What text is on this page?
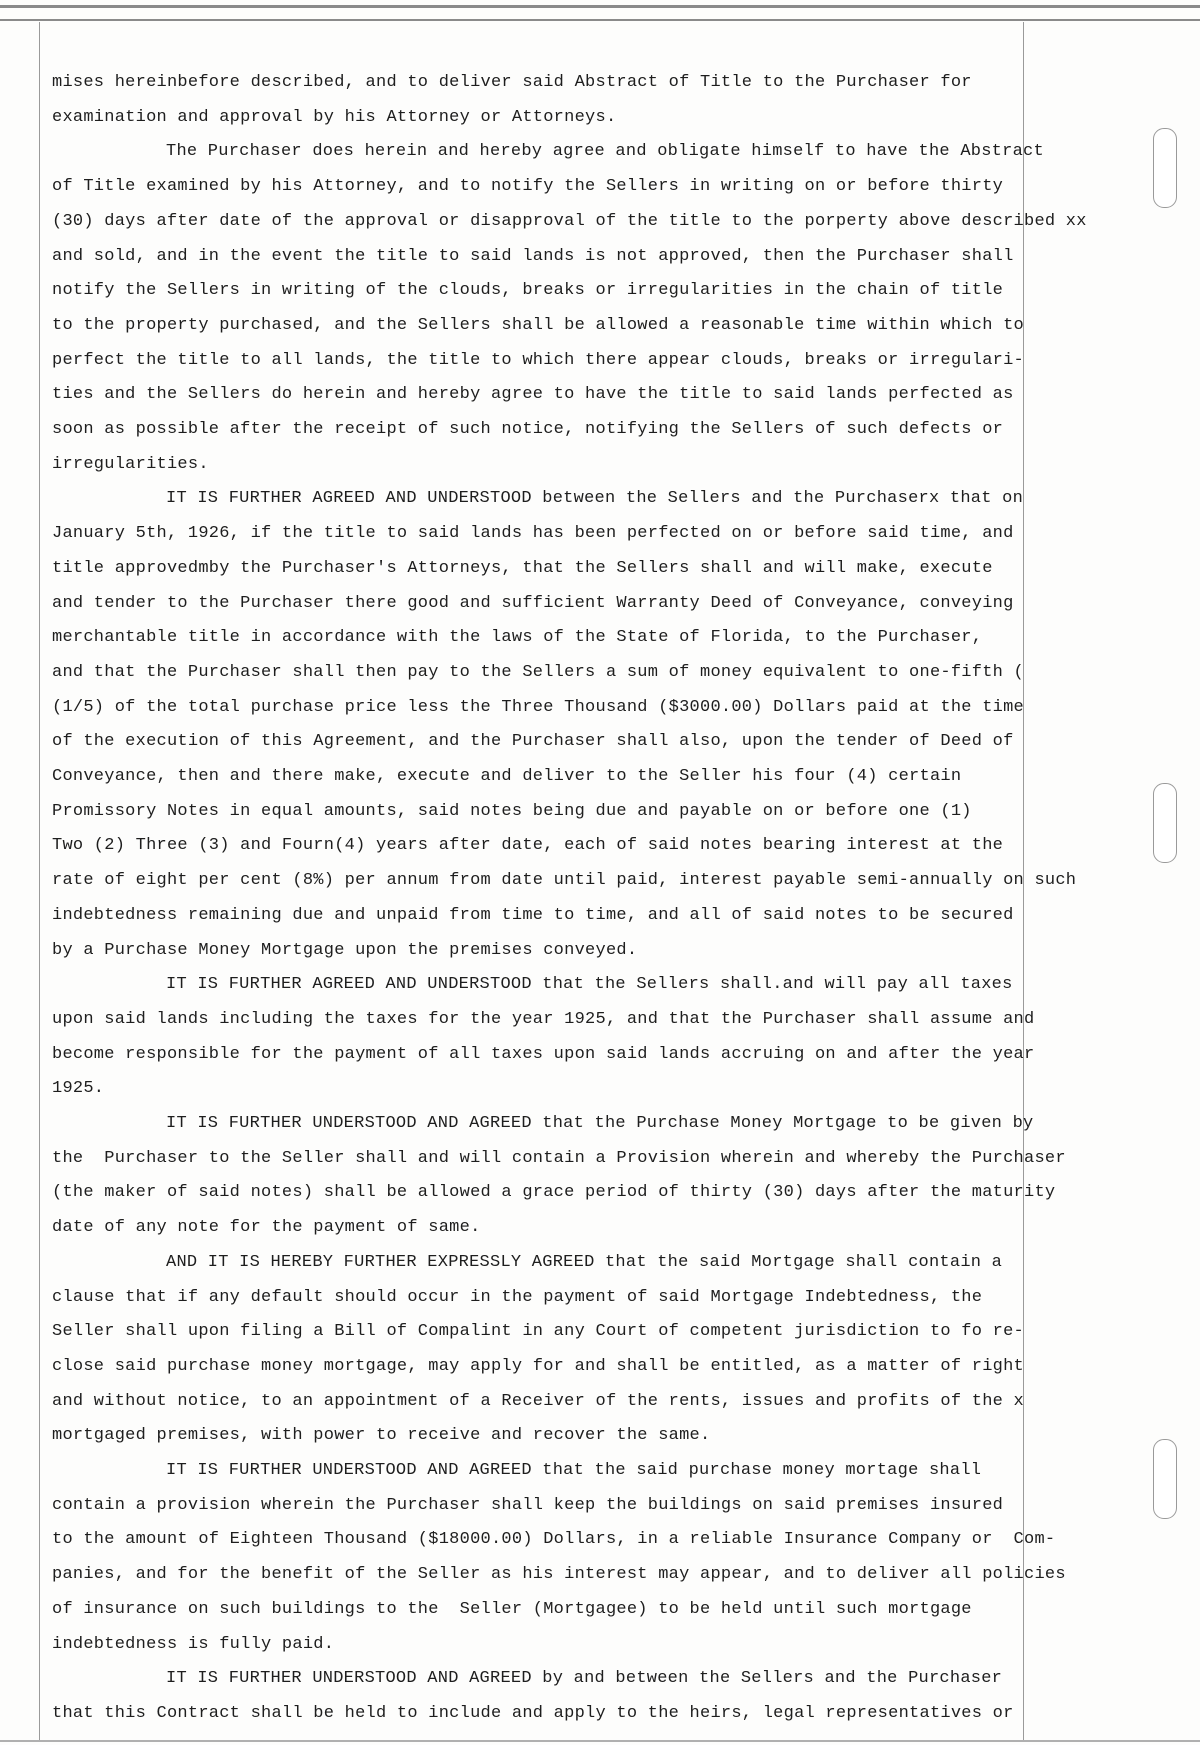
mises hereinbefore described, and to deliver said Abstract of Title to the Purchaser for
examination and approval by his Attorney or Attorneys.
The Purchaser does herein and hereby agree and obligate himself to have the Abstract
of Title examined by his Attorney, and to notify the Sellers in writing on or before thirty
(30) days after date of the approval or disapproval of the title to the porperty above described xx
and sold, and in the event the title to said lands is not approved, then the Purchaser shall
notify the Sellers in writing of the clouds, breaks or irregularities in the chain of title
to the property purchased, and the Sellers shall be allowed a reasonable time within which to
perfect the title to all lands, the title to which there appear clouds, breaks or irregulari-
ties and the Sellers do herein and hereby agree to have the title to said lands perfected as
soon as possible after the receipt of such notice, notifying the Sellers of such defects or
irregularities.
IT IS FURTHER AGREED AND UNDERSTOOD between the Sellers and the Purchaserx that on
January 5th, 1926, if the title to said lands has been perfected on or before said time, and
title approvedmby the Purchaser's Attorneys, that the Sellers shall and will make, execute
and tender to the Purchaser there good and sufficient Warranty Deed of Conveyance, conveying
merchantable title in accordance with the laws of the State of Florida, to the Purchaser,
and that the Purchaser shall then pay to the Sellers a sum of money equivalent to one-fifth (
(1/5) of the total purchase price less the Three Thousand ($3000.00) Dollars paid at the time
of the execution of this Agreement, and the Purchaser shall also, upon the tender of Deed of
Conveyance, then and there make, execute and deliver to the Seller his four (4) certain
Promissory Notes in equal amounts, said notes being due and payable on or before one (1)
Two (2) Three (3) and Fourn(4) years after date, each of said notes bearing interest at the
rate of eight per cent (8%) per annum from date until paid, interest payable semi-annually on such
indebtedness remaining due and unpaid from time to time, and all of said notes to be secured
by a Purchase Money Mortgage upon the premises conveyed.
IT IS FURTHER AGREED AND UNDERSTOOD that the Sellers shall.and will pay all taxes
upon said lands including the taxes for the year 1925, and that the Purchaser shall assume and
become responsible for the payment of all taxes upon said lands accruing on and after the year
1925.
IT IS FURTHER UNDERSTOOD AND AGREED that the Purchase Money Mortgage to be given by
the  Purchaser to the Seller shall and will contain a Provision wherein and whereby the Purchaser
(the maker of said notes) shall be allowed a grace period of thirty (30) days after the maturity
date of any note for the payment of same.
AND IT IS HEREBY FURTHER EXPRESSLY AGREED that the said Mortgage shall contain a
clause that if any default should occur in the payment of said Mortgage Indebtedness, the
Seller shall upon filing a Bill of Compalint in any Court of competent jurisdiction to fo re-
close said purchase money mortgage, may apply for and shall be entitled, as a matter of right
and without notice, to an appointment of a Receiver of the rents, issues and profits of the x
mortgaged premises, with power to receive and recover the same.
IT IS FURTHER UNDERSTOOD AND AGREED that the said purchase money mortage shall
contain a provision wherein the Purchaser shall keep the buildings on said premises insured
to the amount of Eighteen Thousand ($18000.00) Dollars, in a reliable Insurance Company or  Com-
panies, and for the benefit of the Seller as his interest may appear, and to deliver all policies
of insurance on such buildings to the  Seller (Mortgagee) to be held until such mortgage
indebtedness is fully paid.
IT IS FURTHER UNDERSTOOD AND AGREED by and between the Sellers and the Purchaser
that this Contract shall be held to include and apply to the heirs, legal representatives or
